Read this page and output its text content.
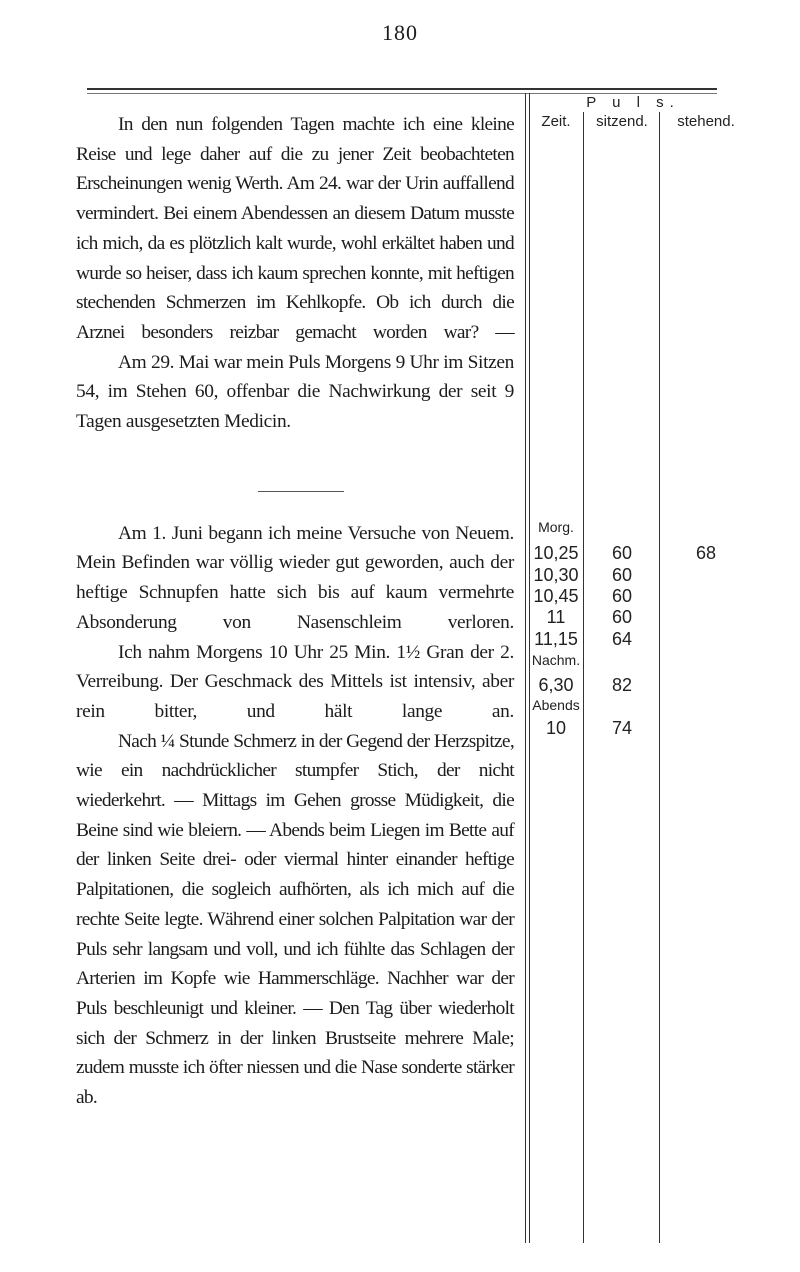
180

In den nun folgenden Tagen machte ich eine kleine Reise und lege daher auf die zu jener Zeit beobachteten Erscheinungen wenig Werth. Am 24. war der Urin auffallend vermindert. Bei einem Abendessen an diesem Datum musste ich mich, da es plötzlich kalt wurde, wohl erkältet haben und wurde so heiser, dass ich kaum sprechen konnte, mit heftigen stechenden Schmerzen im Kehlkopfe. Ob ich durch die Arznei besonders reizbar gemacht worden war? —

Am 29. Mai war mein Puls Morgens 9 Uhr im Sitzen 54, im Stehen 60, offenbar die Nachwirkung der seit 9 Tagen ausgesetzten Medicin.

Am 1. Juni begann ich meine Versuche von Neuem. Mein Befinden war völlig wieder gut geworden, auch der heftige Schnupfen hatte sich bis auf kaum vermehrte Absonderung von Nasenschleim verloren.

Ich nahm Morgens 10 Uhr 25 Min. 1½ Gran der 2. Verreibung. Der Geschmack des Mittels ist intensiv, aber rein bitter, und hält lange an.

Nach ¼ Stunde Schmerz in der Gegend der Herzspitze, wie ein nachdrücklicher stumpfer Stich, der nicht wiederkehrt. — Mittags im Gehen grosse Müdigkeit, die Beine sind wie bleiern. — Abends beim Liegen im Bette auf der linken Seite drei- oder viermal hinter einander heftige Palpitationen, die sogleich aufhörten, als ich mich auf die rechte Seite legte. Während einer solchen Palpitation war der Puls sehr langsam und voll, und ich fühlte das Schlagen der Arterien im Kopfe wie Hammerschläge. Nachher war der Puls beschleunigt und kleiner. — Den Tag über wiederholt sich der Schmerz in der linken Brustseite mehrere Male; zudem musste ich öfter niessen und die Nase sonderte stärker ab.

P u l s.
Zeit.	sitzend.	stehend.
Morg.
10,25	60	68
10,30	60
10,45	60
11	60
11,15	64
Nachm.
6,30	82
Abends
10	74
